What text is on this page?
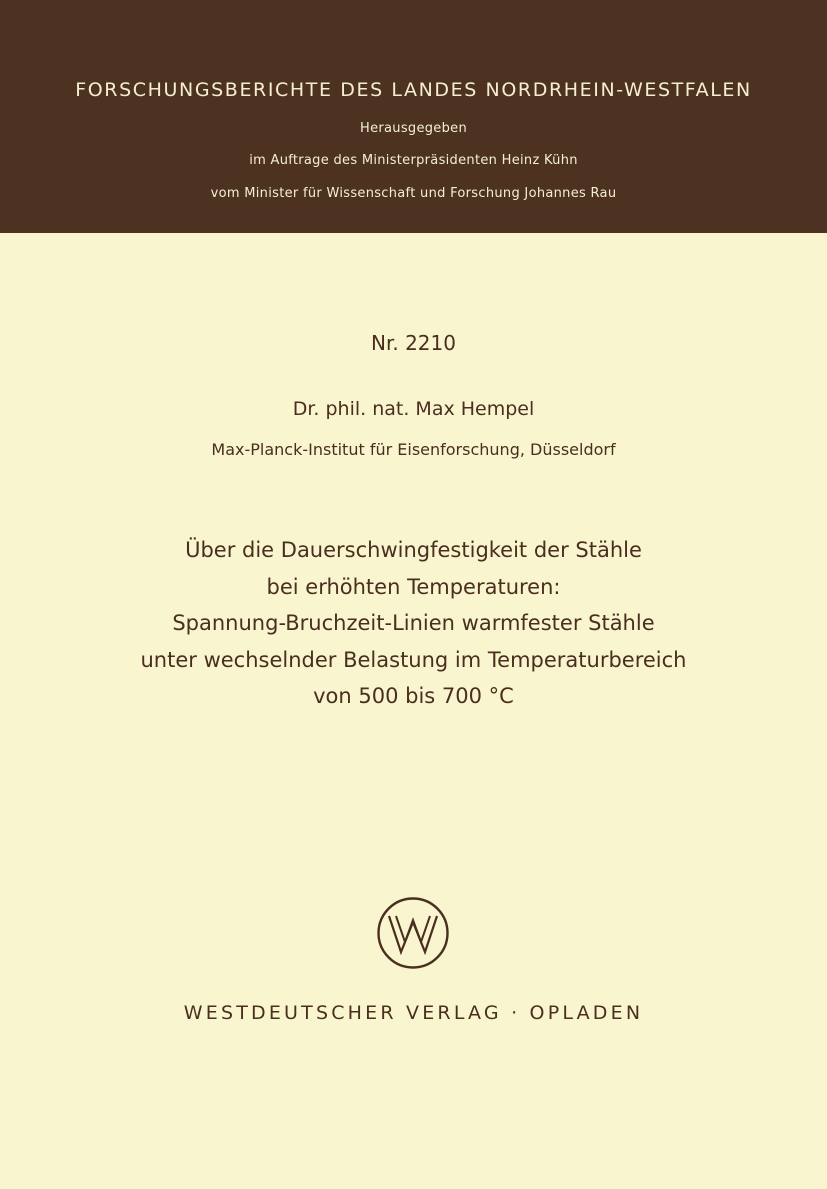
FORSCHUNGSBERICHTE DES LANDES NORDRHEIN-WESTFALEN
Herausgegeben
im Auftrage des Ministerpräsidenten Heinz Kühn
vom Minister für Wissenschaft und Forschung Johannes Rau
Nr. 2210
Dr. phil. nat. Max Hempel
Max-Planck-Institut für Eisenforschung, Düsseldorf
Über die Dauerschwingfestigkeit der Stähle
bei erhöhten Temperaturen:
Spannung-Bruchzeit-Linien warmfester Stähle
unter wechselnder Belastung im Temperaturbereich
von 500 bis 700 °C
WESTDEUTSCHER VERLAG · OPLADEN
